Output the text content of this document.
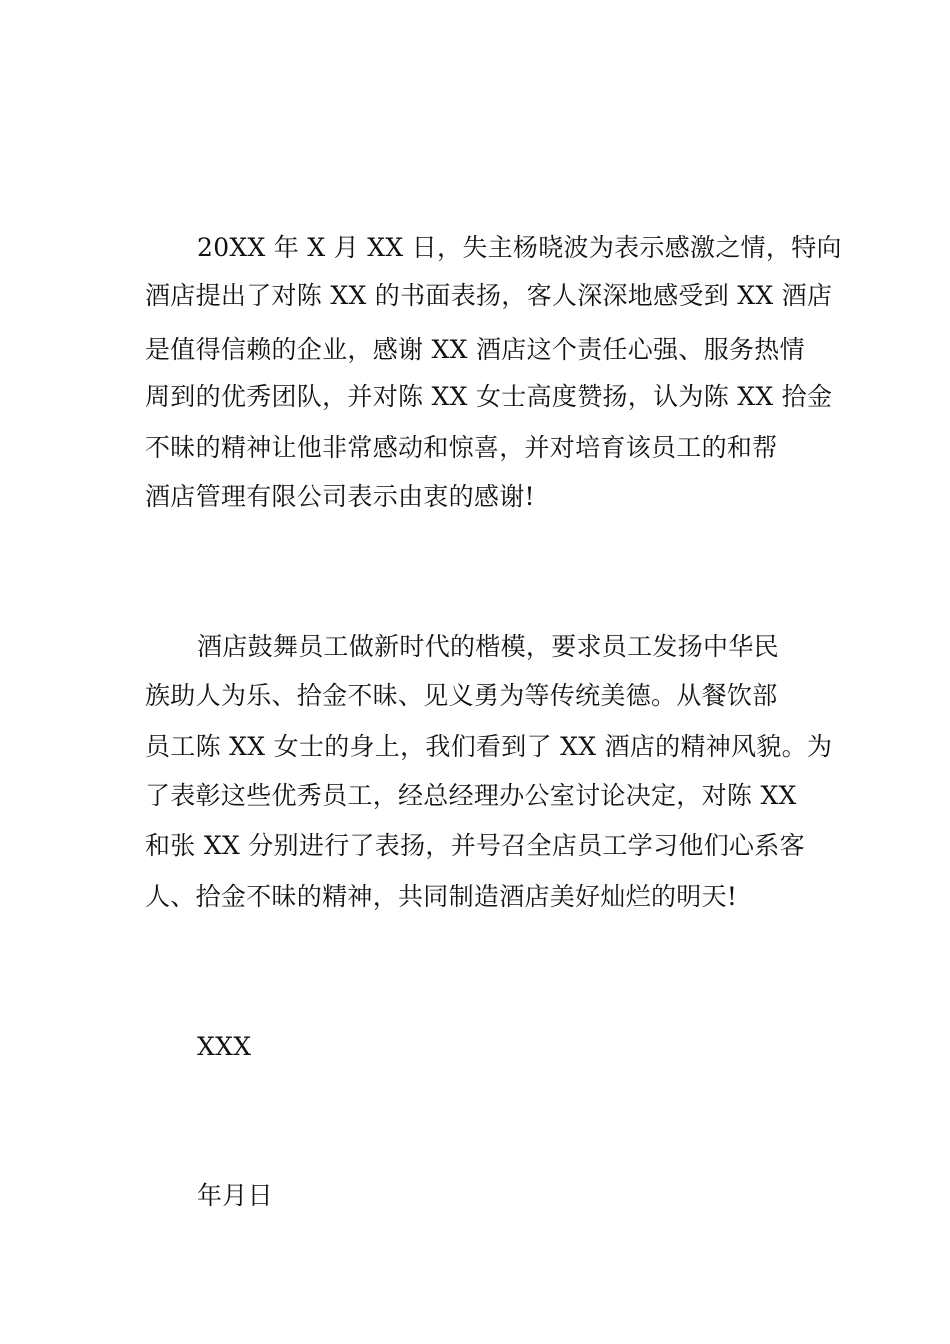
20XX 年 X 月 XX 日，失主杨晓波为表示感激之情，特向
酒店提出了对陈 XX 的书面表扬，客人深深地感受到 XX 酒店
是值得信赖的企业，感谢 XX 酒店这个责任心强、服务热情
周到的优秀团队，并对陈 XX 女士高度赞扬，认为陈 XX 拾金
不昧的精神让他非常感动和惊喜，并对培育该员工的和帮
酒店管理有限公司表示由衷的感谢!
酒店鼓舞员工做新时代的楷模，要求员工发扬中华民
族助人为乐、拾金不昧、见义勇为等传统美德。从餐饮部
员工陈 XX 女士的身上，我们看到了 XX 酒店的精神风貌。为
了表彰这些优秀员工，经总经理办公室讨论决定，对陈 XX
和张 XX 分别进行了表扬，并号召全店员工学习他们心系客
人、拾金不昧的精神，共同制造酒店美好灿烂的明天!
XXX
年月日
